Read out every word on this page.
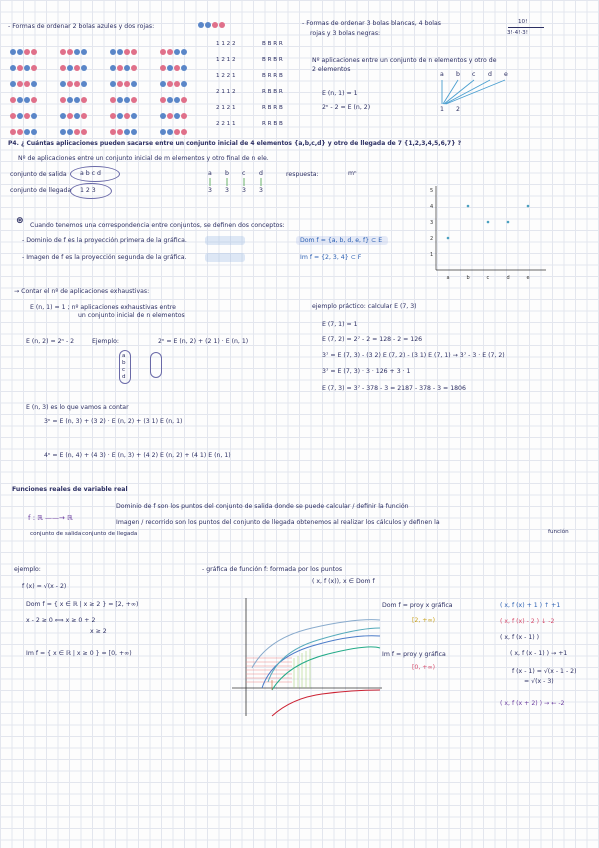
- Formas de ordenar 2 bolas azules y dos rojas:
1 1 2 2	B B R R
1 2 1 2	B R B R
1 2 2 1	B R R B
2 1 1 2	R B B R
2 1 2 1	R B R B
2 2 1 1	R R B B
- Formas de ordenar 3 bolas blancas, 4 bolas
rojas y 3 bolas negras:
10!
3!·4!·3!
Nº aplicaciones entre un conjunto de n elementos y otro de
2 elementos
E (n, 1) = 1
2ⁿ - 2 = E (n, 2)
a b c d e
1 2
P4. ¿ Cuántas aplicaciones pueden sacarse entre un conjunto inicial de 4 elementos {a,b,c,d} y otro de llegada de 7 {1,2,3,4,5,6,7} ?
Nº de aplicaciones entre un conjunto inicial de m elementos y otro final de n ele.
conjunto de salida a b c d
conjunto de llegada 1 2 3
a b c d
3 3 3 3
respuesta:	mⁿ
⊛ Cuando tenemos una correspondencia entre conjuntos, se definen dos conceptos:
- Dominio de f es la proyección primera de la gráfica.
- Imagen de f es la proyección segunda de la gráfica.
Dom f = {a, b, d, e, f} ⊂ E
Im f = {2, 3, 4} ⊂ F	1
2
3
4
5
a	b	c	d	e
→ Contar el nº de aplicaciones exhaustivas:
E (n, 1) = 1 ; nº aplicaciones exhaustivas entre
un conjunto inicial de n elementos
E (n, 2) = 2ⁿ - 2	Ejemplo:	2ⁿ = E (n, 2) + (2 1) · E (n, 1)
a
b
c
d
E (n, 3) es lo que vamos a contar
3ⁿ = E (n, 3) + (3 2) · E (n, 2) + (3 1) E (n, 1)
4ⁿ = E (n, 4) + (4 3) · E (n, 3) + (4 2) E (n, 2) + (4 1) E (n, 1)
ejemplo práctico: calcular E (7, 3)
E (7, 1) = 1
E (7, 2) = 2⁷ - 2 = 128 - 2 = 126
3⁷ = E (7, 3) - (3 2) E (7, 2) - (3 1) E (7, 1) → 3⁷ - 3 · E (7, 2)
3⁷ = E (7, 3) · 3 · 126 + 3 · 1
E (7, 3) = 3⁷ - 378 - 3 = 2187 - 378 - 3 = 1806
Funciones reales de variable real
f : ℝ ——→ ℝ
conjunto de salida conjunto de llegada
Dominio de f son los puntos del conjunto de salida donde se puede calcular / definir la función
Imagen / recorrido son los puntos del conjunto de llegada obtenemos al realizar los cálculos y definen la
función
ejemplo:
f (x) = √(x - 2)
Dom f = { x ∈ ℝ | x ≥ 2 } = [2, +∞)
x - 2 ≥ 0 ⟺ x ≥ 0 + 2
x ≥ 2
Im f = { x ∈ ℝ | x ≥ 0 } = [0, +∞)
- gráfica de función f: formada por los puntos
( x, f (x)), x ∈ Dom f
Dom f = proy x gráfica
[2, +∞)
Im f = proy y gráfica
[0, +∞)
( x, f (x) + 1 ) ↑ +1
( x, f (x) - 2 ) ↓ -2
( x, f (x - 1) )
( x, f (x - 1) ) → +1
f (x - 1) = √(x - 1 - 2)
= √(x - 3)
( x, f (x + 2) ) → ← -2
